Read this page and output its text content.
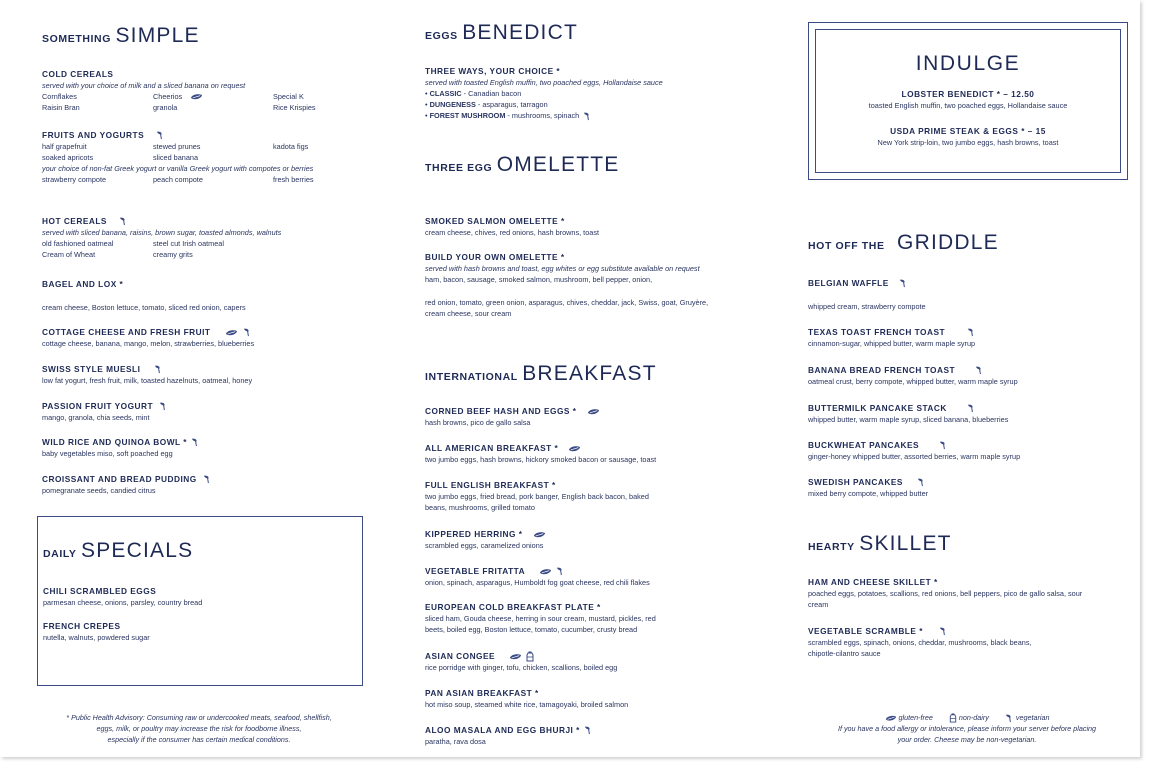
SOMETHING SIMPLE
COLD CEREALS
served with your choice of milk and a sliced banana on request
Cornflakes	Cheerios	Special K
Raisin Bran	granola	Rice Krispies
FRUITS AND YOGURTS
half grapefruit	stewed prunes	kadota figs
soaked apricots	sliced banana
your choice of non-fat Greek yogurt or vanilla Greek yogurt with compotes or berries
strawberry compote	peach compote	fresh berries
HOT CEREALS
served with sliced banana, raisins, brown sugar, toasted almonds, walnuts
old fashioned oatmeal	steel cut Irish oatmeal
Cream of Wheat	creamy grits
BAGEL AND LOX *
cream cheese, Boston lettuce, tomato, sliced red onion, capers
COTTAGE CHEESE AND FRESH FRUIT
cottage cheese, banana, mango, melon, strawberries, blueberries
SWISS STYLE MUESLI
low fat yogurt, fresh fruit, milk, toasted hazelnuts, oatmeal, honey
PASSION FRUIT YOGURT
mango, granola, chia seeds, mint
WILD RICE AND QUINOA BOWL *
baby vegetables miso, soft poached egg
CROISSANT AND BREAD PUDDING
pomegranate seeds, candied citrus
DAILY SPECIALS
CHILI SCRAMBLED EGGS
parmesan cheese, onions, parsley, country bread
FRENCH CREPES
nutella, walnuts, powdered sugar
* Public Health Advisory: Consuming raw or undercooked meats, seafood, shellfish,
eggs, milk, or poultry may increase the risk for foodborne illness,
especially if the consumer has certain medical conditions.
EGGS BENEDICT
THREE WAYS, YOUR CHOICE *
served with toasted English muffin, two poached eggs, Hollandaise sauce
• CLASSIC - Canadian bacon
• DUNGENESS - asparagus, tarragon
• FOREST MUSHROOM - mushrooms, spinach
THREE EGG OMELETTE
SMOKED SALMON OMELETTE *
cream cheese, chives, red onions, hash browns, toast
BUILD YOUR OWN OMELETTE *
served with hash browns and toast, egg whites or egg substitute available on request
ham, bacon, sausage, smoked salmon, mushroom, bell pepper, onion,
red onion, tomato, green onion, asparagus, chives, cheddar, jack, Swiss, goat, Gruyère,
cream cheese, sour cream
INTERNATIONAL BREAKFAST
CORNED BEEF HASH AND EGGS *
hash browns, pico de gallo salsa
ALL AMERICAN BREAKFAST *
two jumbo eggs, hash browns, hickory smoked bacon or sausage, toast
FULL ENGLISH BREAKFAST *
two jumbo eggs, fried bread, pork banger, English back bacon, baked
beans, mushrooms, grilled tomato
KIPPERED HERRING *
scrambled eggs, caramelized onions
VEGETABLE FRITATTA
onion, spinach, asparagus, Humboldt fog goat cheese, red chili flakes
EUROPEAN COLD BREAKFAST PLATE *
sliced ham, Gouda cheese, herring in sour cream, mustard, pickles, red
beets, boiled egg, Boston lettuce, tomato, cucumber, crusty bread
ASIAN CONGEE
rice porridge with ginger, tofu, chicken, scallions, boiled egg
PAN ASIAN BREAKFAST *
hot miso soup, steamed white rice, tamagoyaki, broiled salmon
ALOO MASALA AND EGG BHURJI *
paratha, rava dosa
INDULGE
LOBSTER BENEDICT * – 12.50
toasted English muffin, two poached eggs, Hollandaise sauce
USDA PRIME STEAK & EGGS * – 15
New York strip-loin, two jumbo eggs, hash browns, toast
HOT OFF THE GRIDDLE
BELGIAN WAFFLE
whipped cream, strawberry compote
TEXAS TOAST FRENCH TOAST
cinnamon-sugar, whipped butter, warm maple syrup
BANANA BREAD FRENCH TOAST
oatmeal crust, berry compote, whipped butter, warm maple syrup
BUTTERMILK PANCAKE STACK
whipped butter, warm maple syrup, sliced banana, blueberries
BUCKWHEAT PANCAKES
ginger-honey whipped butter, assorted berries, warm maple syrup
SWEDISH PANCAKES
mixed berry compote, whipped butter
HEARTY SKILLET
HAM AND CHEESE SKILLET *
poached eggs, potatoes, scallions, red onions, bell peppers, pico de gallo salsa, sour
cream
VEGETABLE SCRAMBLE *
scrambled eggs, spinach, onions, cheddar, mushrooms, black beans,
chipotle-cilantro sauce
gluten-free	non-dairy	vegetarian
If you have a food allergy or intolerance, please inform your server before placing
your order. Cheese may be non-vegetarian.
